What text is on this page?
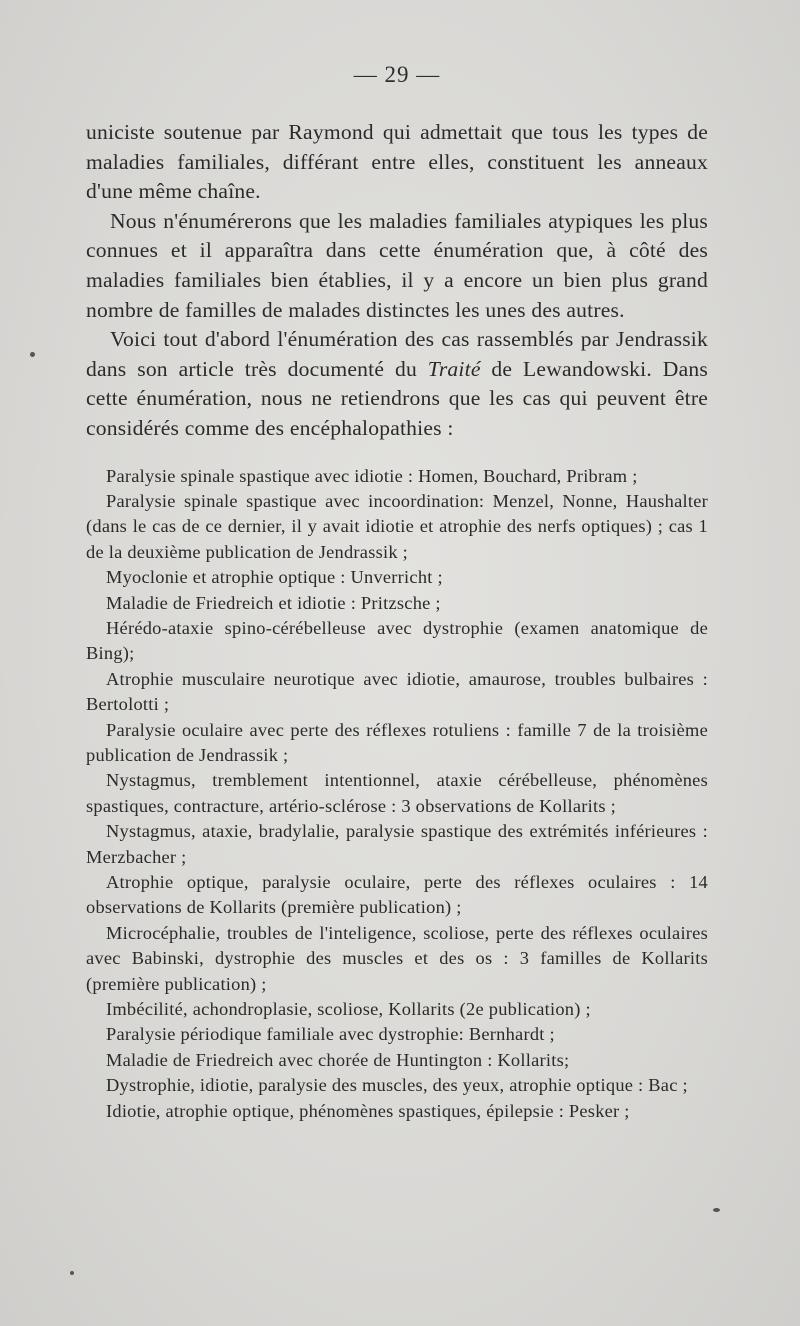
— 29 —

uniciste soutenue par Raymond qui admettait que tous les types de maladies familiales, différant entre elles, constituent les anneaux d'une même chaîne.

Nous n'énumérerons que les maladies familiales atypiques les plus connues et il apparaîtra dans cette énumération que, à côté des maladies familiales bien établies, il y a encore un bien plus grand nombre de familles de malades distinctes les unes des autres.

Voici tout d'abord l'énumération des cas rassemblés par Jendrassik dans son article très documenté du Traité de Lewandowski. Dans cette énumération, nous ne retiendrons que les cas qui peuvent être considérés comme des encéphalopathies :

Paralysie spinale spastique avec idiotie : Homen, Bouchard, Pribram ;

Paralysie spinale spastique avec incoordination: Menzel, Nonne, Haushalter (dans le cas de ce dernier, il y avait idiotie et atrophie des nerfs optiques) ; cas 1 de la deuxième publication de Jendrassik ;

Myoclonie et atrophie optique : Unverricht ;

Maladie de Friedreich et idiotie : Pritzsche ;

Hérédo-ataxie spino-cérébelleuse avec dystrophie (examen anatomique de Bing);

Atrophie musculaire neurotique avec idiotie, amaurose, troubles bulbaires : Bertolotti ;

Paralysie oculaire avec perte des réflexes rotuliens : famille 7 de la troisième publication de Jendrassik ;

Nystagmus, tremblement intentionnel, ataxie cérébelleuse, phénomènes spastiques, contracture, artério-sclérose : 3 observations de Kollarits ;

Nystagmus, ataxie, bradylalie, paralysie spastique des extrémités inférieures : Merzbacher ;

Atrophie optique, paralysie oculaire, perte des réflexes oculaires : 14 observations de Kollarits (première publication) ;

Microcéphalie, troubles de l'inteligence, scoliose, perte des réflexes oculaires avec Babinski, dystrophie des muscles et des os : 3 familles de Kollarits (première publication) ;

Imbécilité, achondroplasie, scoliose, Kollarits (2e publication) ;

Paralysie périodique familiale avec dystrophie: Bernhardt ;

Maladie de Friedreich avec chorée de Huntington : Kollarits;

Dystrophie, idiotie, paralysie des muscles, des yeux, atrophie optique : Bac ;

Idiotie, atrophie optique, phénomènes spastiques, épilepsie : Pesker ;
